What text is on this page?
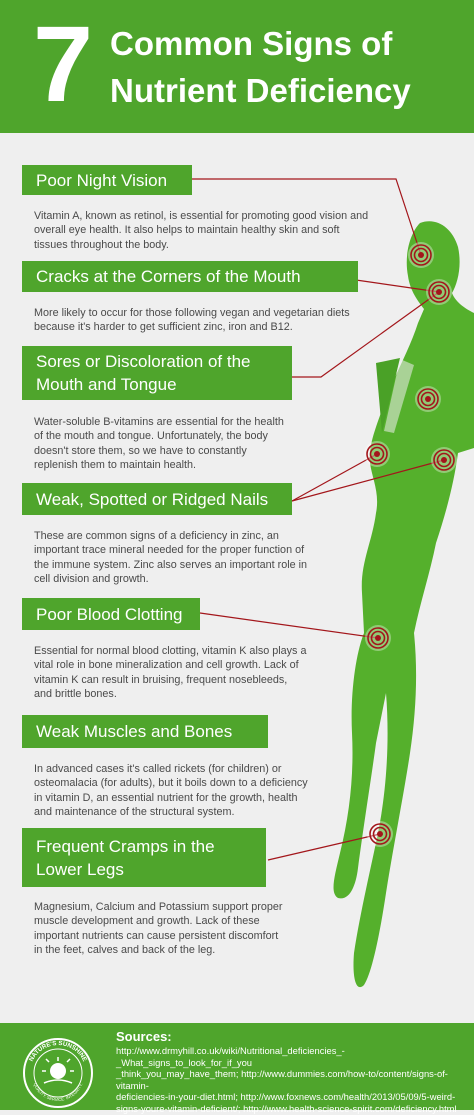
7 Common Signs of
Nutrient Deficiency
Poor Night Vision
Vitamin A, known as retinol, is essential for promoting good vision and
overall eye health. It also helps to maintain healthy skin and soft
tissues throughout the body.
Cracks at the Corners of the Mouth
More likely to occur for those following vegan and vegetarian diets
because it's harder to get sufficient zinc, iron and B12.
Sores or Discoloration of the
Mouth and Tongue
Water-soluble B-vitamins are essential for the health
of the mouth and tongue. Unfortunately, the body
doesn't store them, so we have to constantly
replenish them to maintain health.
Weak, Spotted or Ridged Nails
These are common signs of a deficiency in zinc, an
important trace mineral needed for the proper function of
the immune system. Zinc also serves an important role in
cell division and growth.
Poor Blood Clotting
Essential for normal blood clotting, vitamin K also plays a
vital role in bone mineralization and cell growth. Lack of
vitamin K can result in bruising, frequent nosebleeds,
and brittle bones.
Weak Muscles and Bones
In advanced cases it's called rickets (for children) or
osteomalacia (for adults), but it boils down to a deficiency
in vitamin D, an essential nutrient for the growth, health
and maintenance of the structural system.
Frequent Cramps in the
Lower Legs
Magnesium, Calcium and Potassium support proper
muscle development and growth. Lack of these
important nutrients can cause persistent discomfort
in the feet, calves and back of the leg.
NATURE'S SUNSHINE
QUALITY. SERVICE. INTEGRITY.
Sources:
http://www.drmyhill.co.uk/wiki/Nutritional_deficiencies_-_What_signs_to_look_for_if_you
_think_you_may_have_them; http://www.dummies.com/how-to/content/signs-of-vitamin-
deficiencies-in-your-diet.html; http://www.foxnews.com/health/2013/05/09/5-weird-
signs-youre-vitamin-deficient/; http://www.health-science-spirit.com/deficiency.html
